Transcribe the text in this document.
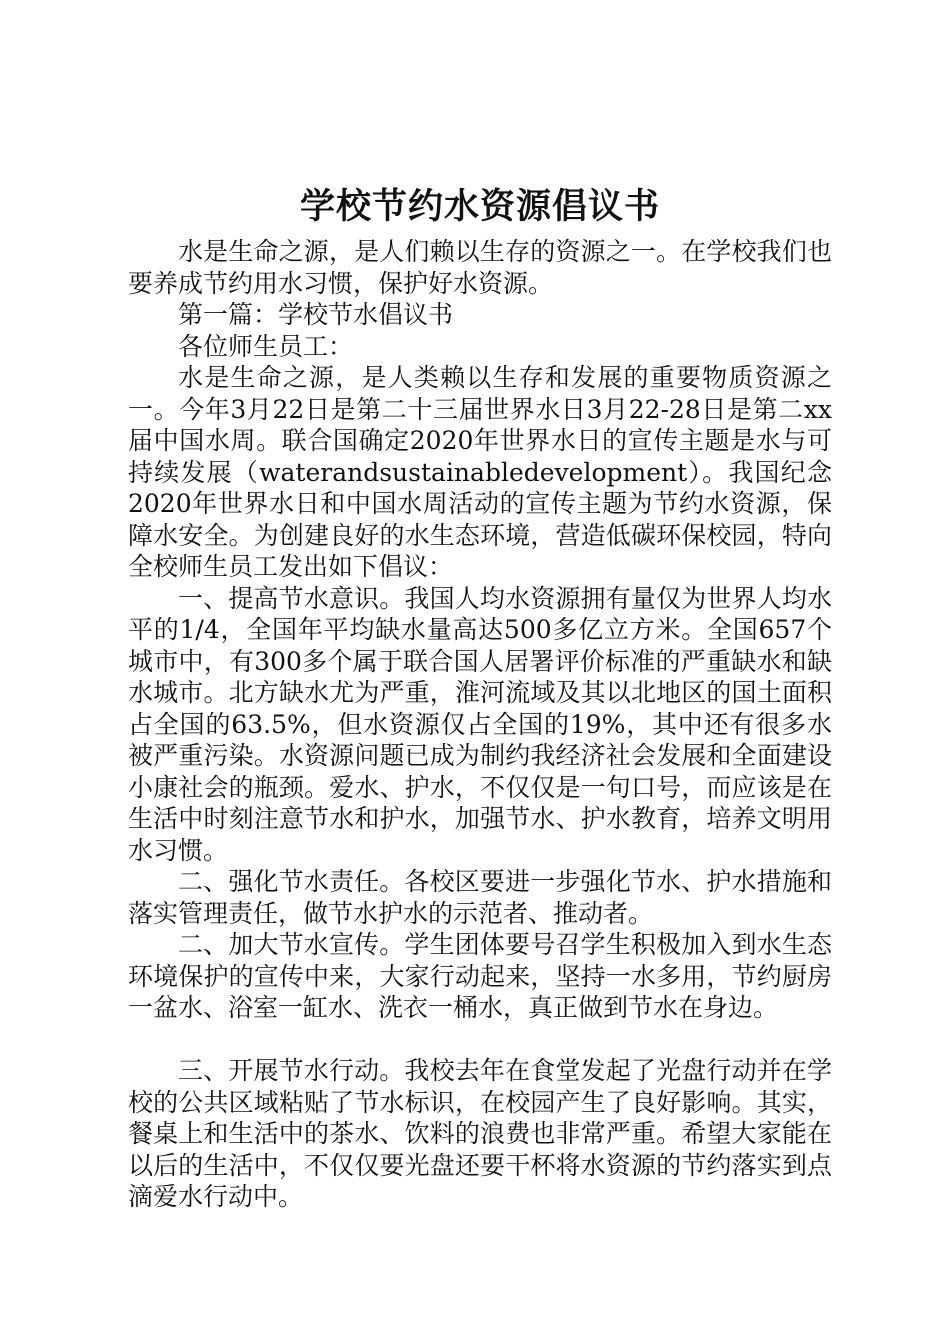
学校节约水资源倡议书

水是生命之源，是人们赖以生存的资源之一。在学校我们也要养成节约用水习惯，保护好水资源。

第一篇：学校节水倡议书

各位师生员工：

水是生命之源，是人类赖以生存和发展的重要物质资源之一。今年3月22日是第二十三届世界水日3月22-28日是第二xx届中国水周。联合国确定2020年世界水日的宣传主题是水与可持续发展（waterandsustainabledevelopment）。我国纪念2020年世界水日和中国水周活动的宣传主题为节约水资源，保障水安全。为创建良好的水生态环境，营造低碳环保校园，特向全校师生员工发出如下倡议：

一、提高节水意识。我国人均水资源拥有量仅为世界人均水平的1/4，全国年平均缺水量高达500多亿立方米。全国657个城市中，有300多个属于联合国人居署评价标准的严重缺水和缺水城市。北方缺水尤为严重，淮河流域及其以北地区的国土面积占全国的63.5%，但水资源仅占全国的19%，其中还有很多水被严重污染。水资源问题已成为制约我经济社会发展和全面建设小康社会的瓶颈。爱水、护水，不仅仅是一句口号，而应该是在生活中时刻注意节水和护水，加强节水、护水教育，培养文明用水习惯。

二、强化节水责任。各校区要进一步强化节水、护水措施和落实管理责任，做节水护水的示范者、推动者。

二、加大节水宣传。学生团体要号召学生积极加入到水生态环境保护的宣传中来，大家行动起来，坚持一水多用，节约厨房一盆水、浴室一缸水、洗衣一桶水，真正做到节水在身边。

三、开展节水行动。我校去年在食堂发起了光盘行动并在学校的公共区域粘贴了节水标识，在校园产生了良好影响。其实，餐桌上和生活中的茶水、饮料的浪费也非常严重。希望大家能在以后的生活中，不仅仅要光盘还要干杯将水资源的节约落实到点滴爱水行动中。
